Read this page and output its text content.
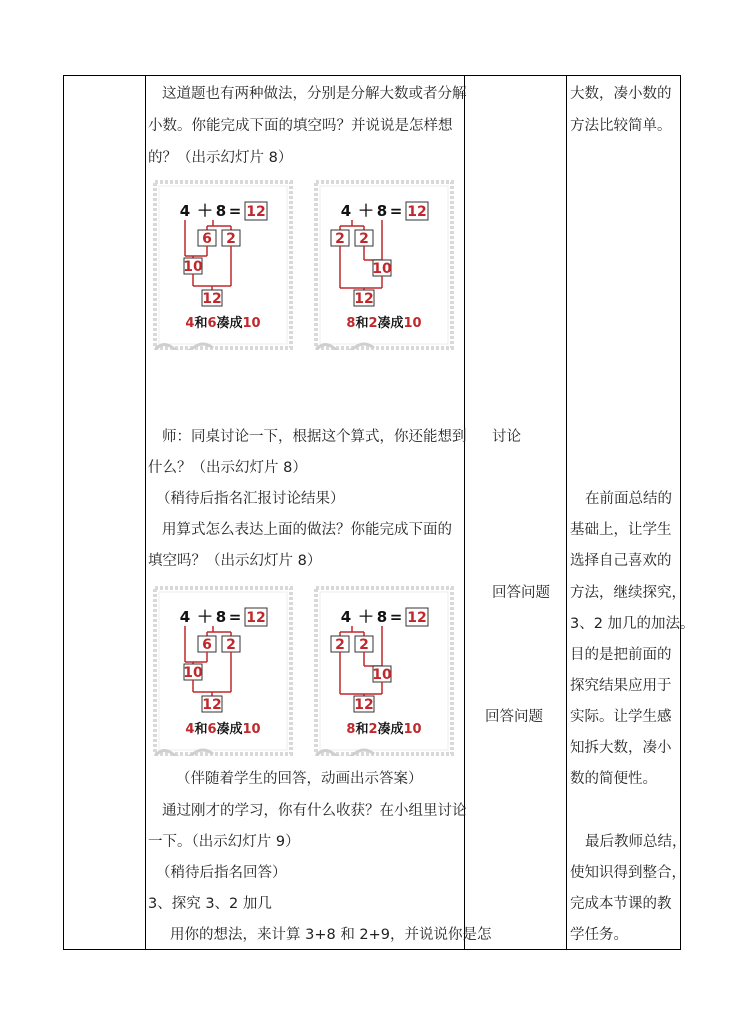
这道题也有两种做法，分别是分解大数或者分解
小数。你能完成下面的填空吗？并说说是怎样想
的？（出示幻灯片 8）
4 ＋ 8 = 12
6 2
10
12
4和6凑成10
4 ＋ 8 = 12
2 2
10
12
8和2凑成10
师：同桌讨论一下，根据这个算式，你还能想到
什么？（出示幻灯片 8）
（稍待后指名汇报讨论结果）
用算式怎么表达上面的做法？你能完成下面的
填空吗？（出示幻灯片 8）
4 ＋ 8 = 12
6 2
10
12
4和6凑成10
4 ＋ 8 = 12
2 2
10
12
8和2凑成10
（伴随着学生的回答，动画出示答案）
通过刚才的学习，你有什么收获？在小组里讨论
一下。（出示幻灯片 9）
（稍待后指名回答）
3、探究 3、2 加几
用你的想法，来计算 3+8 和 2+9，并说说你是怎
讨论
回答问题
回答问题
大数，凑小数的
方法比较简单。
在前面总结的
基础上，让学生
选择自己喜欢的
方法，继续探究，
3、2 加几的加法。
目的是把前面的
探究结果应用于
实际。让学生感
知拆大数，凑小
数的简便性。
最后教师总结，
使知识得到整合，
完成本节课的教
学任务。
